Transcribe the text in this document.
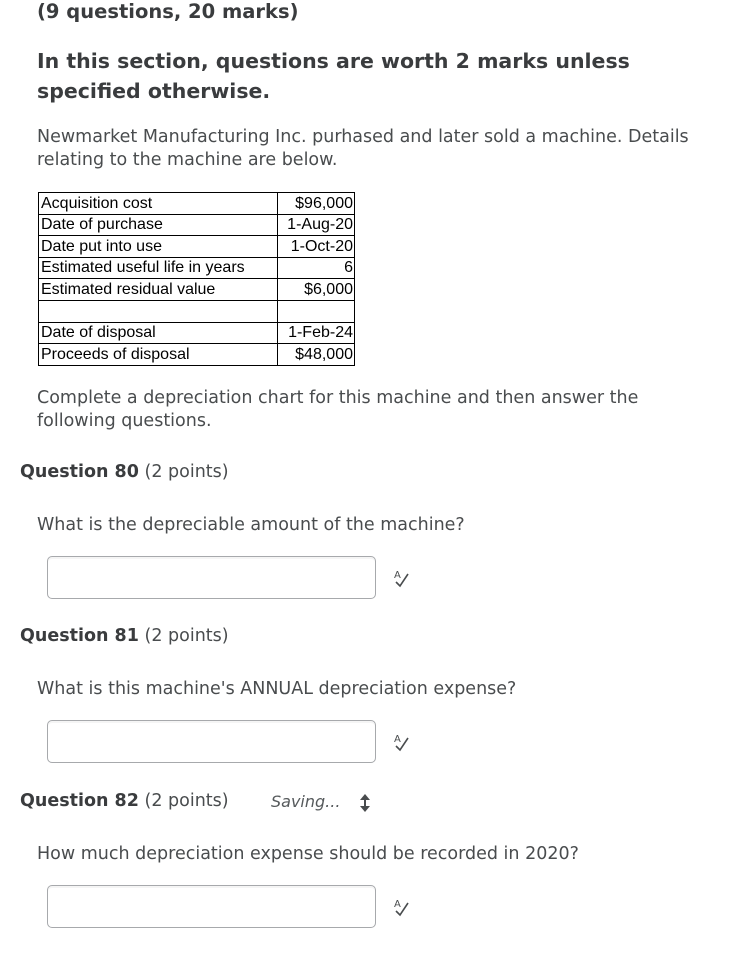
(9 questions, 20 marks)
In this section, questions are worth 2 marks unless specified otherwise.
Newmarket Manufacturing Inc. purhased and later sold a machine. Details relating to the machine are below.
Acquisition cost	$96,000
Date of purchase	1-Aug-20
Date put into use	1-Oct-20
Estimated useful life in years	6
Estimated residual value	$6,000

Date of disposal	1-Feb-24
Proceeds of disposal	$48,000
Complete a depreciation chart for this machine and then answer the following questions.
Question 80 (2 points)
What is the depreciable amount of the machine?
A
Question 81 (2 points)
What is this machine's ANNUAL depreciation expense?
A
Question 82 (2 points)	Saving...
How much depreciation expense should be recorded in 2020?
A
